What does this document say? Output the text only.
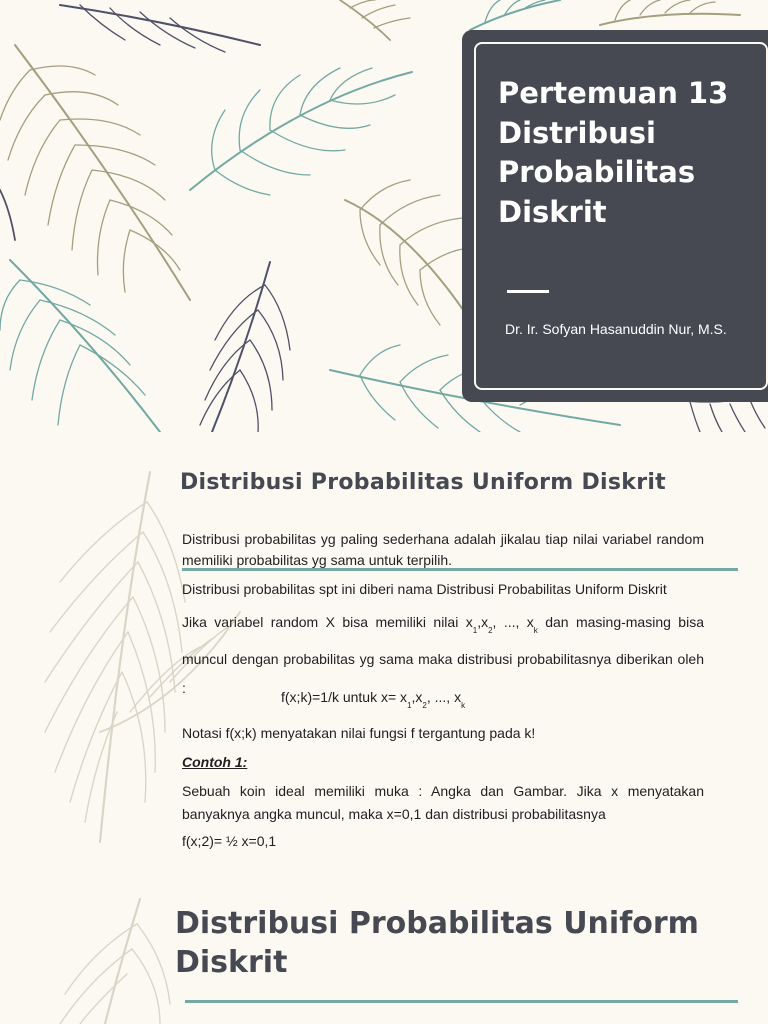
Pertemuan 13
Distribusi
Probabilitas
Diskrit
Dr. Ir. Sofyan Hasanuddin Nur, M.S.
Distribusi Probabilitas Uniform Diskrit
Distribusi probabilitas yg paling sederhana adalah jikalau tiap nilai variabel random memiliki probabilitas yg sama untuk terpilih.
Distribusi probabilitas spt ini diberi nama Distribusi Probabilitas Uniform Diskrit
Jika variabel random X bisa memiliki nilai $x_1,x_2$, ..., $x_k$ dan masing-masing bisa muncul dengan probabilitas yg sama maka distribusi probabilitasnya diberikan oleh :
f(x;k)=1/k untuk $x= x_1,x_2$, ..., $x_k$
Notasi f(x;k) menyatakan nilai fungsi f tergantung pada k!
Contoh 1:
Sebuah koin ideal memiliki muka : Angka dan Gambar. Jika x menyatakan banyaknya angka muncul, maka x=0,1 dan distribusi probabilitasnya
f(x;2)= ½ x=0,1
Distribusi Probabilitas Uniform Diskrit
